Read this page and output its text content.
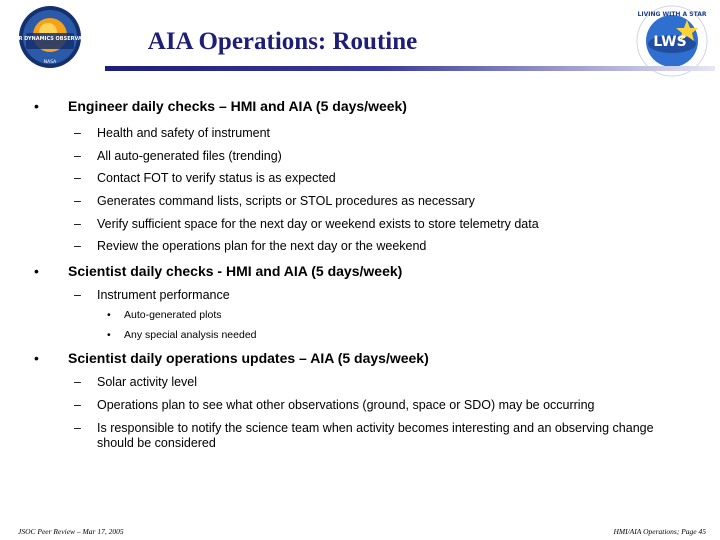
SOLAR DYNAMICS OBSERVATORY
NASA
LIVING WITH A STAR
LWS
AIA Operations: Routine
• Engineer daily checks – HMI and AIA (5 days/week)
– Health and safety of instrument
– All auto-generated files (trending)
– Contact FOT to verify status is as expected
– Generates command lists, scripts or STOL procedures as necessary
– Verify sufficient space for the next day or weekend exists to store telemetry data
– Review the operations plan for the next day or the weekend
• Scientist daily checks - HMI and AIA (5 days/week)
– Instrument performance
• Auto-generated plots
• Any special analysis needed
• Scientist daily operations updates – AIA (5 days/week)
– Solar activity level
– Operations plan to see what other observations (ground, space or SDO) may be occurring
– Is responsible to notify the science team when activity becomes interesting and an observing change should be considered
JSOC Peer Review – Mar 17, 2005	HMI/AIA Operations; Page 45
